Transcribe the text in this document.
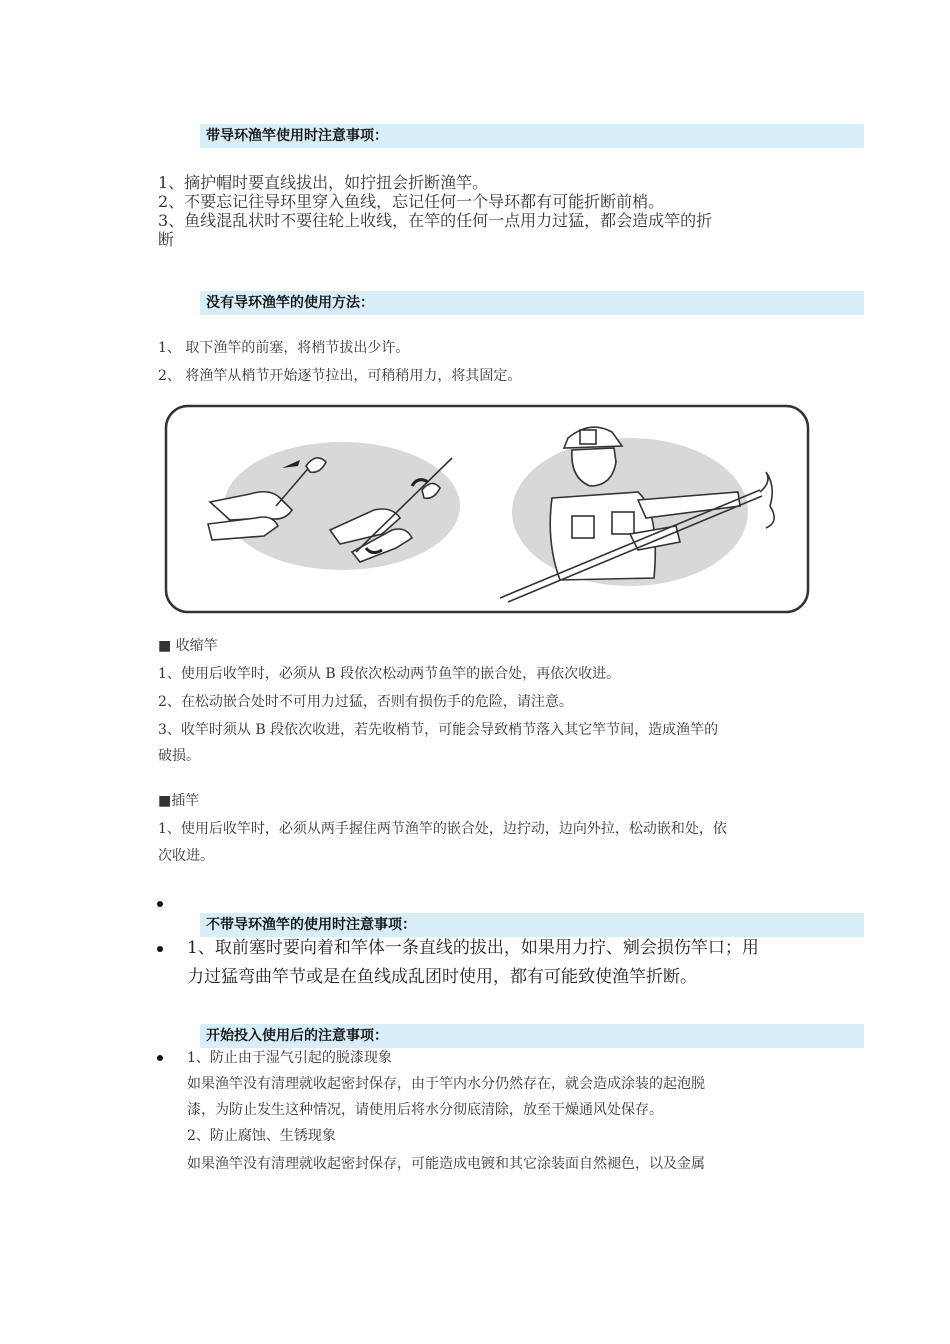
带导环渔竿使用时注意事项：
1、摘护帽时要直线拔出，如拧扭会折断渔竿。
2、不要忘记往导环里穿入鱼线，忘记任何一个导环都有可能折断前梢。
3、鱼线混乱状时不要往轮上收线，在竿的任何一点用力过猛，都会造成竿的折
断
没有导环渔竿的使用方法：
1、 取下渔竿的前塞，将梢节拔出少许。
2、 将渔竿从梢节开始逐节拉出，可稍稍用力，将其固定。
■ 收缩竿
1、使用后收竿时，必须从 B 段依次松动两节鱼竿的嵌合处，再依次收进。
2、在松动嵌合处时不可用力过猛，否则有损伤手的危险，请注意。
3、收竿时须从 B 段依次收进，若先收梢节，可能会导致梢节落入其它竿节间，造成渔竿的
破损。
■插竿
1、使用后收竿时，必须从两手握住两节渔竿的嵌合处，边拧动，边向外拉，松动嵌和处，依
次收进。
不带导环渔竿的使用时注意事项：
1、取前塞时要向着和竿体一条直线的拔出，如果用力拧、剜会损伤竿口；用
力过猛弯曲竿节或是在鱼线成乱团时使用，都有可能致使渔竿折断。
开始投入使用后的注意事项：
1、防止由于湿气引起的脱漆现象
如果渔竿没有清理就收起密封保存，由于竿内水分仍然存在，就会造成涂装的起泡脱
漆，为防止发生这种情况，请使用后将水分彻底清除，放至干燥通风处保存。
2、防止腐蚀、生锈现象
如果渔竿没有清理就收起密封保存，可能造成电镀和其它涂装面自然褪色，以及金属
